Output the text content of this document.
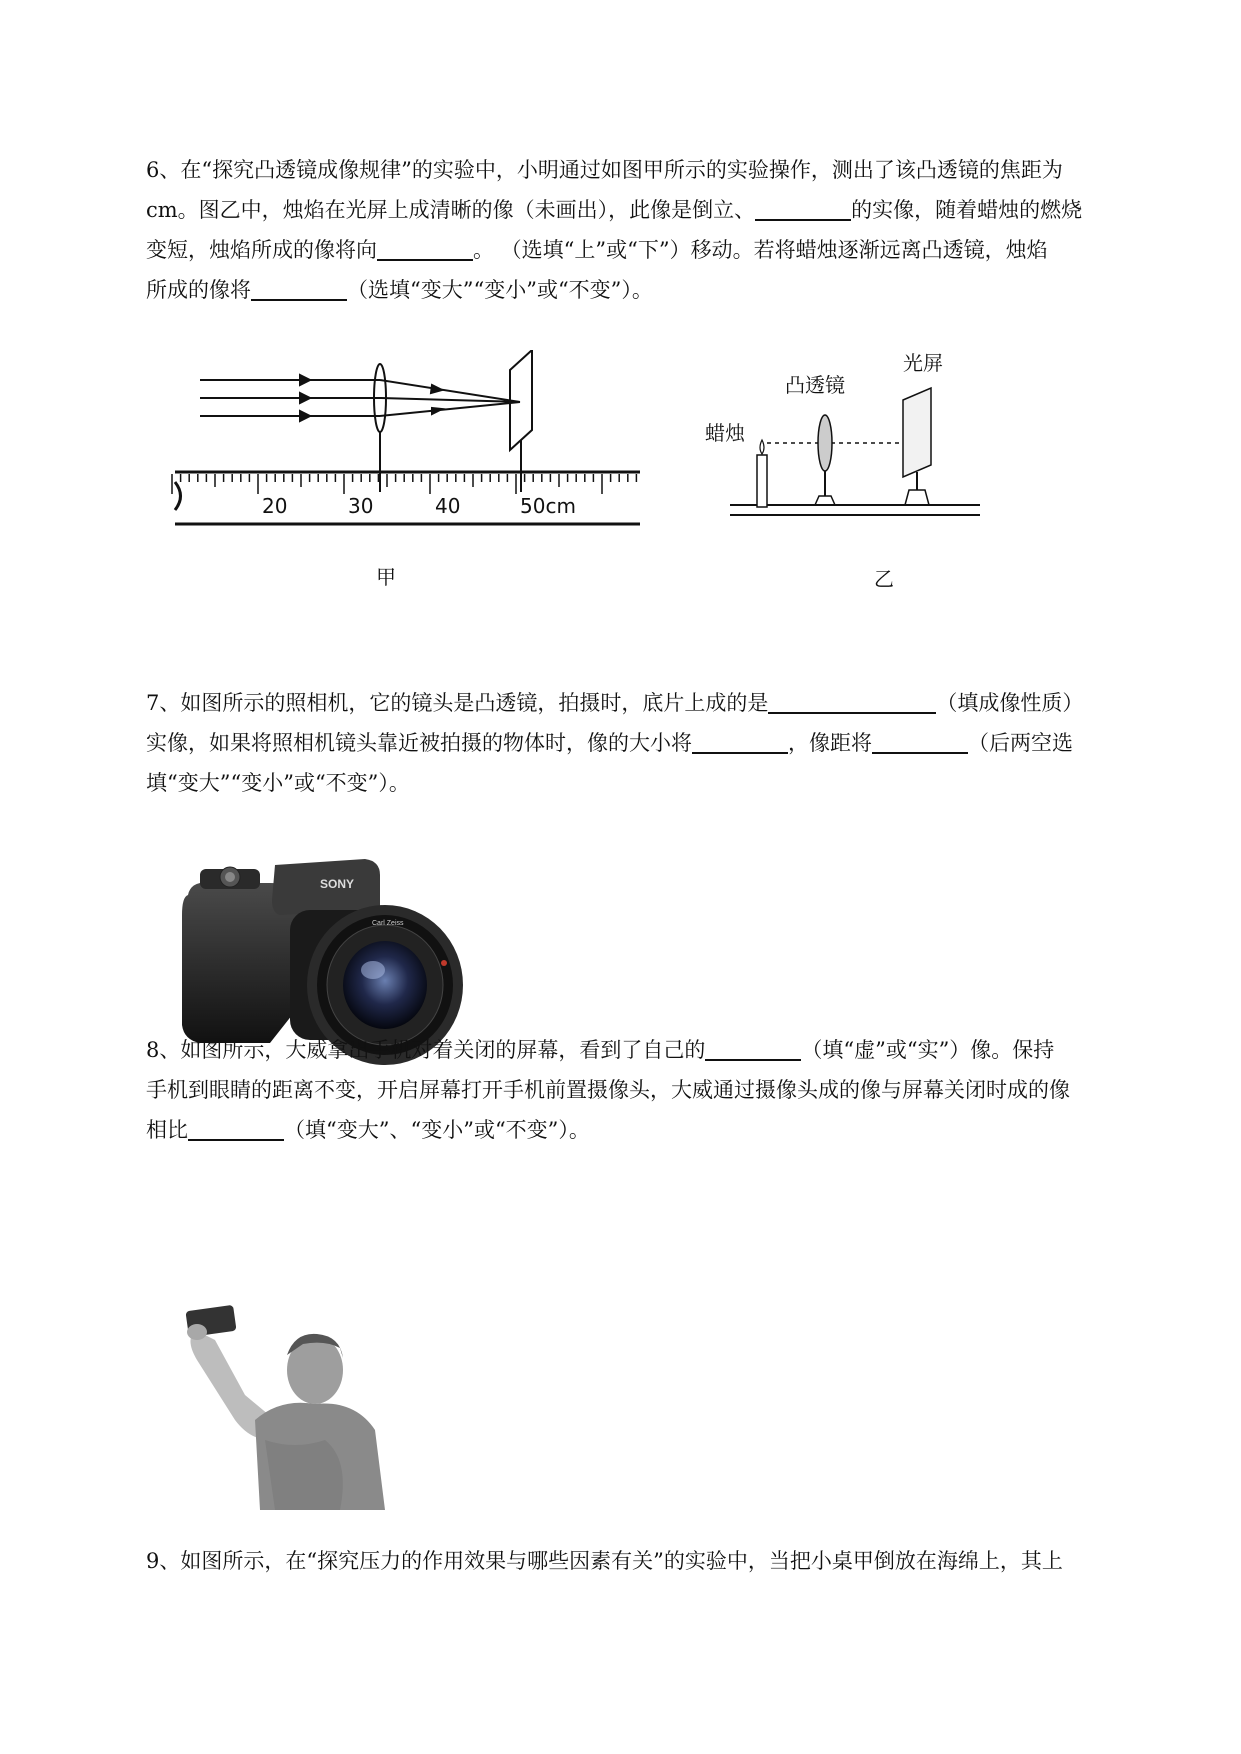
6、在“探究凸透镜成像规律”的实验中，小明通过如图甲所示的实验操作，测出了该凸透镜的焦距为

cm。图乙中，烛焰在光屏上成清晰的像（未画出），此像是倒立、	的实像，随着蜡烛的燃烧

变短，烛焰所成的像将向	。 （选填“上”或“下”）移动。若将蜡烛逐渐远离凸透镜，烛焰

所成的像将	（选填“变大”“变小”或“不变”）。

20	30	40	50cm
甲
蜡烛
凸透镜
光屏
乙

7、如图所示的照相机，它的镜头是凸透镜，拍摄时，底片上成的是	（填成像性质）

实像，如果将照相机镜头靠近被拍摄的物体时，像的大小将	，像距将	（后两空选

填“变大”“变小”或“不变”）。

SONY
Carl Zeiss

8、如图所示，大威拿出手机对着关闭的屏幕，看到了自己的	（填“虚”或“实”）像。保持

手机到眼睛的距离不变，开启屏幕打开手机前置摄像头，大威通过摄像头成的像与屏幕关闭时成的像

相比	（填“变大”、“变小”或“不变”）。

9、如图所示，在“探究压力的作用效果与哪些因素有关”的实验中，当把小桌甲倒放在海绵上，其上
